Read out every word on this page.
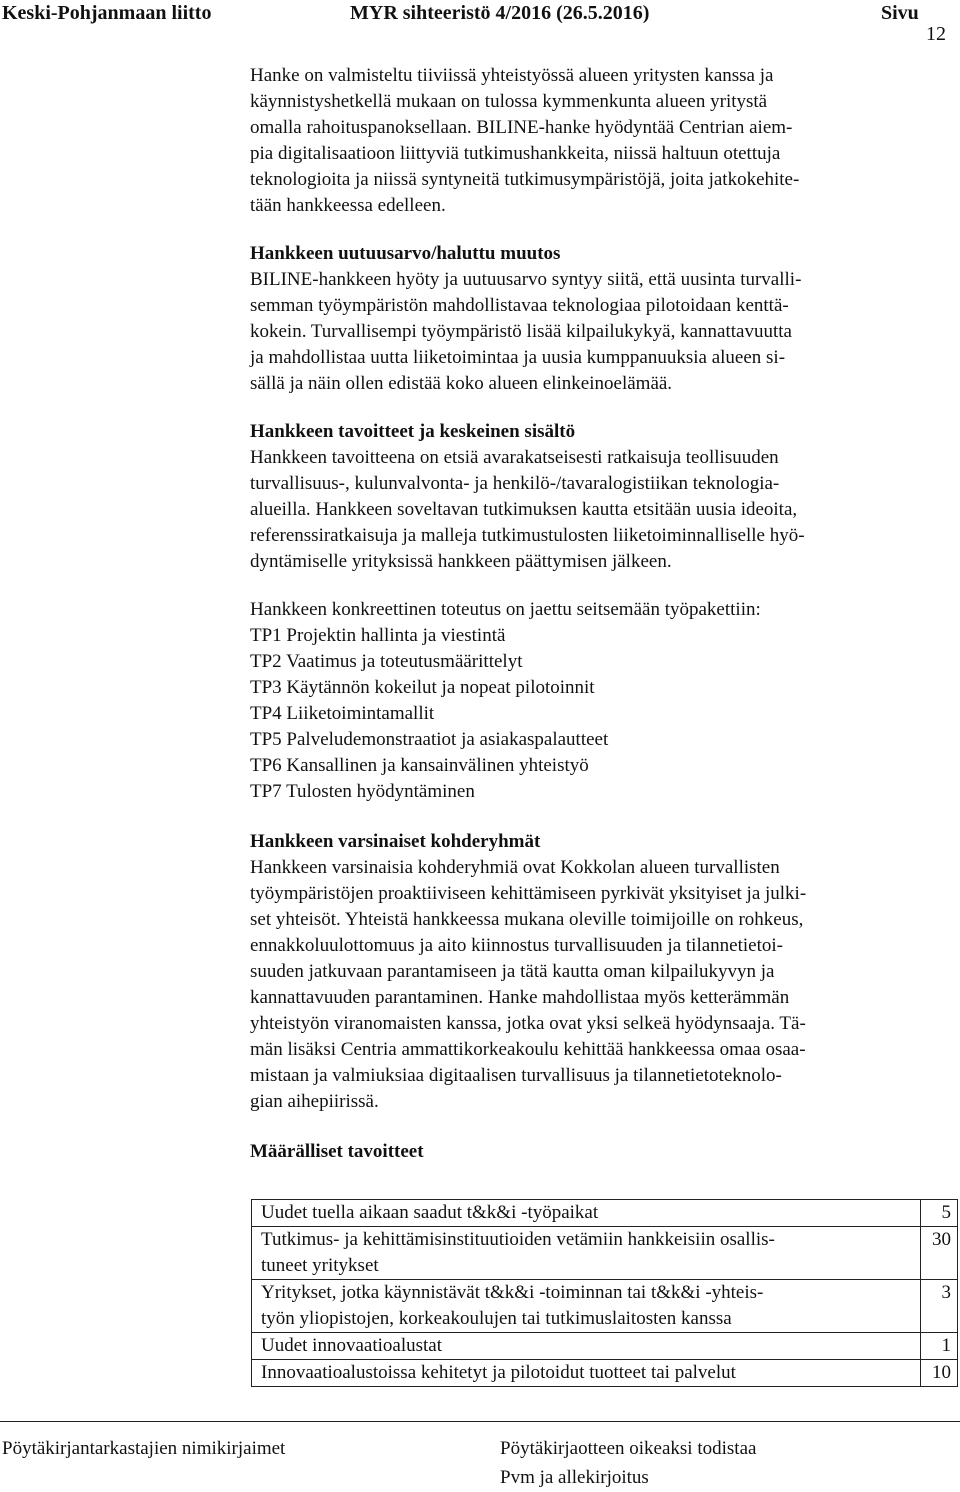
Keski-Pohjanmaan liitto	MYR sihteeristö 4/2016 (26.5.2016)	Sivu
12

Hanke on valmisteltu tiiviissä yhteistyössä alueen yritysten kanssa ja
käynnistyshetkellä mukaan on tulossa kymmenkunta alueen yritystä
omalla rahoituspanoksellaan. BILINE-hanke hyödyntää Centrian aiem-
pia digitalisaatioon liittyviä tutkimushankkeita, niissä haltuun otettuja
teknologioita ja niissä syntyneitä tutkimusympäristöjä, joita jatkokehite-
tään hankkeessa edelleen.

Hankkeen uutuusarvo/haluttu muutos
BILINE-hankkeen hyöty ja uutuusarvo syntyy siitä, että uusinta turvalli-
semman työympäristön mahdollistavaa teknologiaa pilotoidaan kenttä-
kokein. Turvallisempi työympäristö lisää kilpailukykyä, kannattavuutta
ja mahdollistaa uutta liiketoimintaa ja uusia kumppanuuksia alueen si-
sällä ja näin ollen edistää koko alueen elinkeinoelämää.

Hankkeen tavoitteet ja keskeinen sisältö
Hankkeen tavoitteena on etsiä avarakatseisesti ratkaisuja teollisuuden
turvallisuus-, kulunvalvonta- ja henkilö-/tavaralogistiikan teknologia-
alueilla. Hankkeen soveltavan tutkimuksen kautta etsitään uusia ideoita,
referenssiratkaisuja ja malleja tutkimustulosten liiketoiminnalliselle hyö-
dyntämiselle yrityksissä hankkeen päättymisen jälkeen.

Hankkeen konkreettinen toteutus on jaettu seitsemään työpakettiin:
TP1 Projektin hallinta ja viestintä
TP2 Vaatimus ja toteutusmäärittelyt
TP3 Käytännön kokeilut ja nopeat pilotoinnit
TP4 Liiketoimintamallit
TP5 Palveludemonstraatiot ja asiakaspalautteet
TP6 Kansallinen ja kansainvälinen yhteistyö
TP7 Tulosten hyödyntäminen

Hankkeen varsinaiset kohderyhmät
Hankkeen varsinaisia kohderyhmiä ovat Kokkolan alueen turvallisten
työympäristöjen proaktiiviseen kehittämiseen pyrkivät yksityiset ja julki-
set yhteisöt. Yhteistä hankkeessa mukana oleville toimijoille on rohkeus,
ennakkoluulottomuus ja aito kiinnostus turvallisuuden ja tilannetietoi-
suuden jatkuvaan parantamiseen ja tätä kautta oman kilpailukyvyn ja
kannattavuuden parantaminen. Hanke mahdollistaa myös ketterämmän
yhteistyön viranomaisten kanssa, jotka ovat yksi selkeä hyödynsaaja. Tä-
män lisäksi Centria ammattikorkeakoulu kehittää hankkeessa omaa osaa-
mistaan ja valmiuksiaa digitaalisen turvallisuus ja tilannetietoteknolo-
gian aihepiirissä.

Määrälliset tavoitteet
Uudet tuella aikaan saadut t&k&i -työpaikat	5

Tutkimus- ja kehittämisinstituutioiden vetämiin hankkeisiin osallis-
tuneet yritykset	30

Yritykset, jotka käynnistävät t&k&i -toiminnan tai t&k&i -yhteis-
työn yliopistojen, korkeakoulujen tai tutkimuslaitosten kanssa	3

Uudet innovaatioalustat	1

Innovaatioalustoissa kehitetyt ja pilotoidut tuotteet tai palvelut	10
Pöytäkirjantarkastajien nimikirjaimet	Pöytäkirjaotteen oikeaksi todistaa
Pvm ja allekirjoitus
